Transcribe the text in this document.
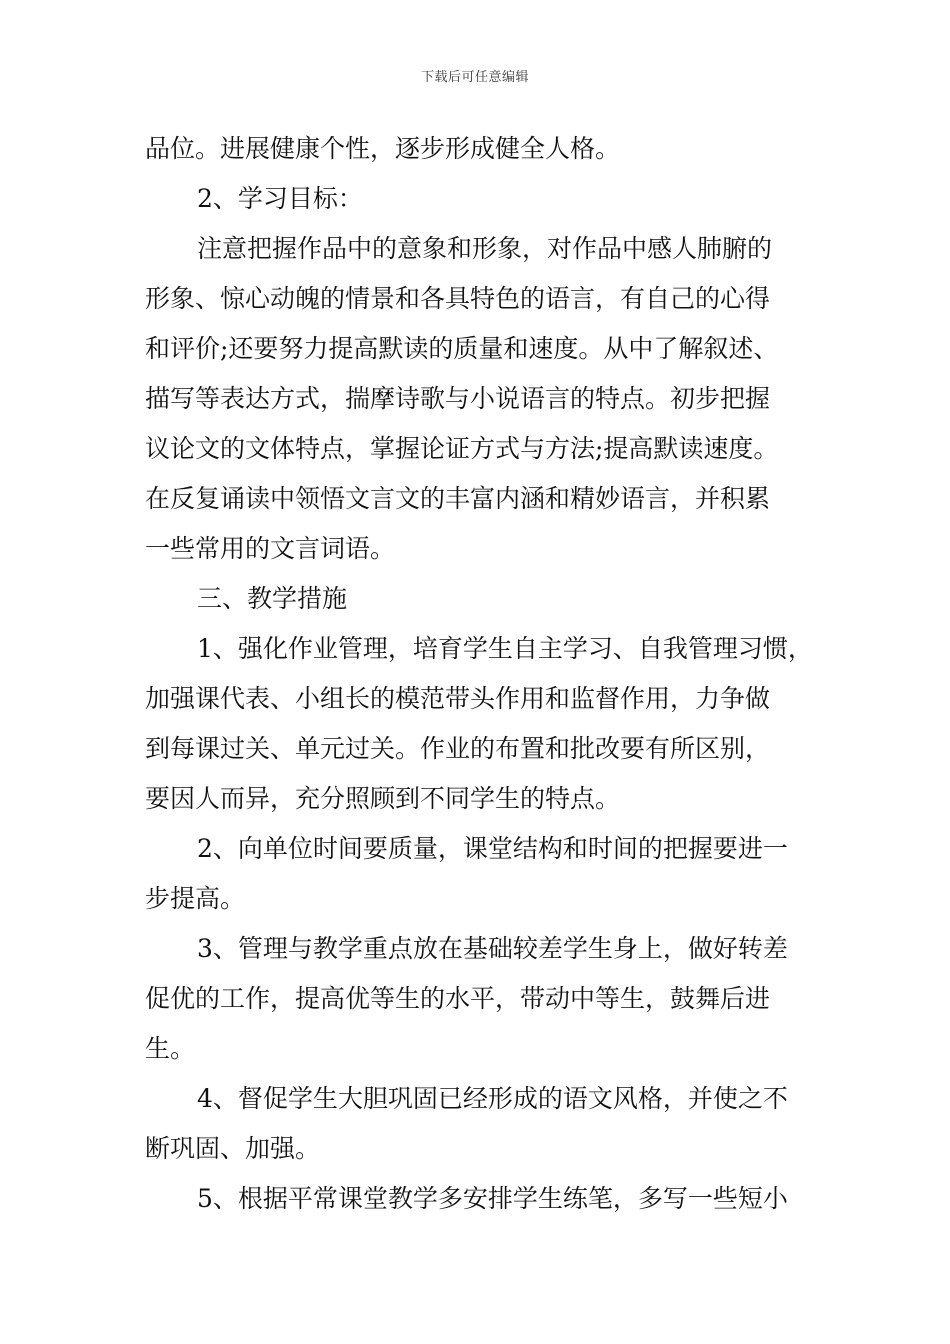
下载后可任意编辑
品位。进展健康个性，逐步形成健全人格。
2、学习目标：
注意把握作品中的意象和形象，对作品中感人肺腑的
形象、惊心动魄的情景和各具特色的语言，有自己的心得
和评价;还要努力提高默读的质量和速度。从中了解叙述、
描写等表达方式，揣摩诗歌与小说语言的特点。初步把握
议论文的文体特点，掌握论证方式与方法;提高默读速度。
在反复诵读中领悟文言文的丰富内涵和精妙语言，并积累
一些常用的文言词语。
三、教学措施
1、强化作业管理，培育学生自主学习、自我管理习惯，
加强课代表、小组长的模范带头作用和监督作用，力争做
到每课过关、单元过关。作业的布置和批改要有所区别，
要因人而异，充分照顾到不同学生的特点。
2、向单位时间要质量，课堂结构和时间的把握要进一
步提高。
3、管理与教学重点放在基础较差学生身上，做好转差
促优的工作，提高优等生的水平，带动中等生，鼓舞后进
生。
4、督促学生大胆巩固已经形成的语文风格，并使之不
断巩固、加强。
5、根据平常课堂教学多安排学生练笔，多写一些短小
